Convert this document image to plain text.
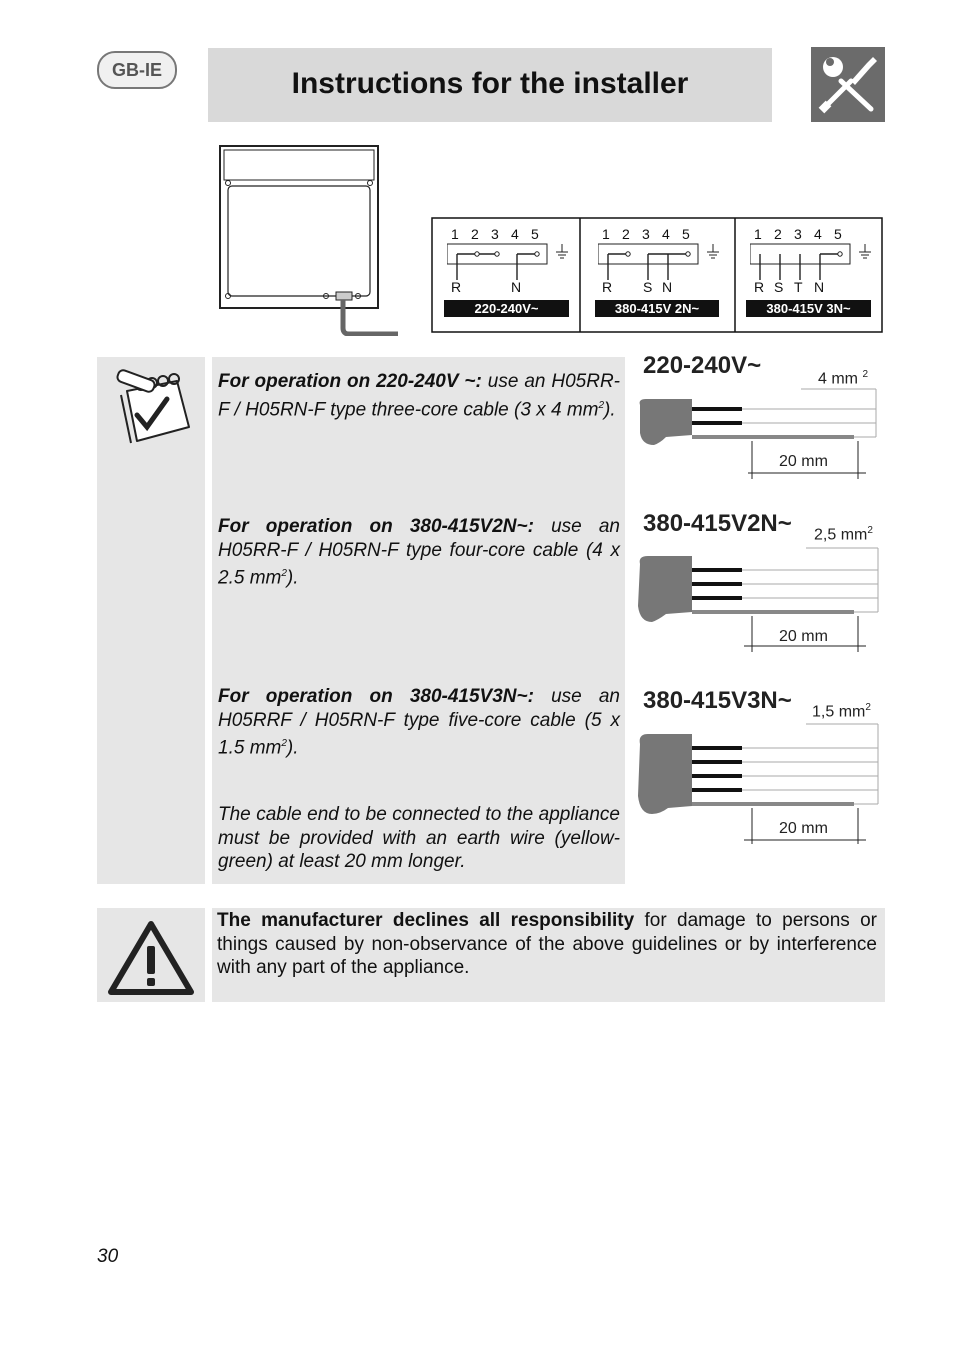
GB-IE	Instructions for the installer
1 2 3 4 5
R	N
220-240V~
1 2 3 4 5
R S N
380-415V 2N~
1 2 3 4 5
R S T N
380-415V 3N~
For operation on 220-240V ~: use an H05RR-F / H05RN-F type three-core cable (3 x 4 $mm^2$).
For operation on 380-415V2N~: use an H05RR-F / H05RN-F type four-core cable (4 x 2.5 $mm^2$).
For operation on 380-415V3N~: use an H05RRF / H05RN-F type five-core cable (5 x 1.5 $mm^2$).
The cable end to be connected to the appliance must be provided with an earth wire (yellow-green) at least 20 mm longer.
220-240V~	4 mm $^2$
20 mm
380-415V2N~ 2,5 $mm^2$
20 mm
380-415V3N~ 1,5 $mm^2$
20 mm
The manufacturer declines all responsibility for damage to persons or things caused by non-observance of the above guidelines or by interference with any part of the appliance.
30
